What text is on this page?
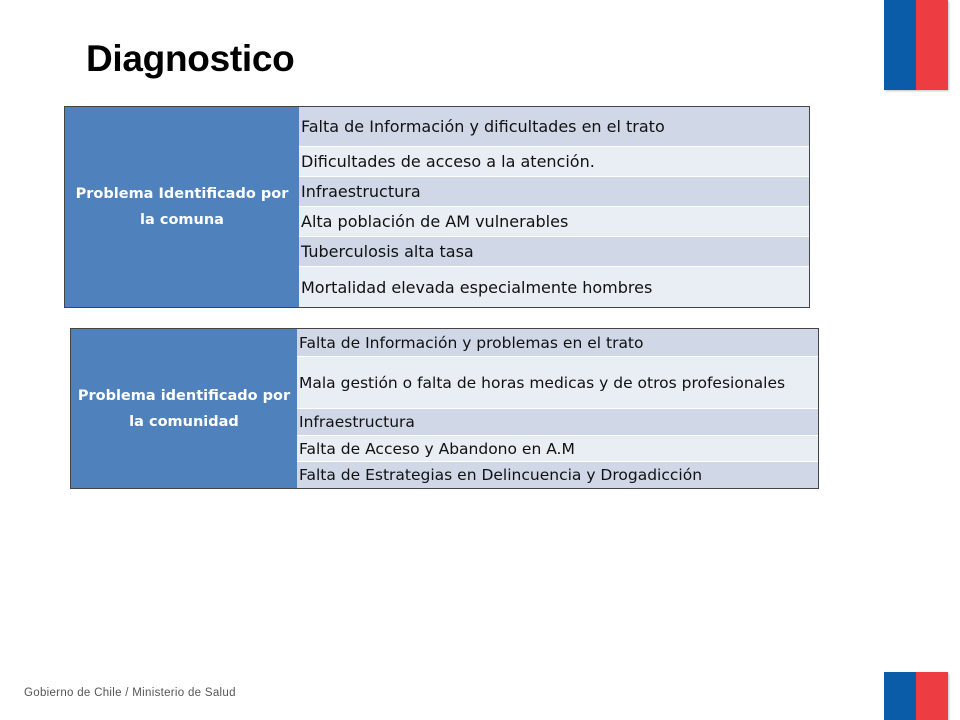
Diagnostico
Problema Identificado por la comuna
Falta de Información y dificultades en el trato
Dificultades de acceso a la atención.
Infraestructura
Alta población de AM vulnerables
Tuberculosis alta tasa
Mortalidad elevada especialmente hombres
Problema identificado por la comunidad
Falta de Información y problemas en el trato
Mala gestión o falta de horas medicas y de otros profesionales
Infraestructura
Falta de Acceso y Abandono en A.M
Falta de Estrategias en Delincuencia y Drogadicción
Gobierno de Chile / Ministerio de Salud
